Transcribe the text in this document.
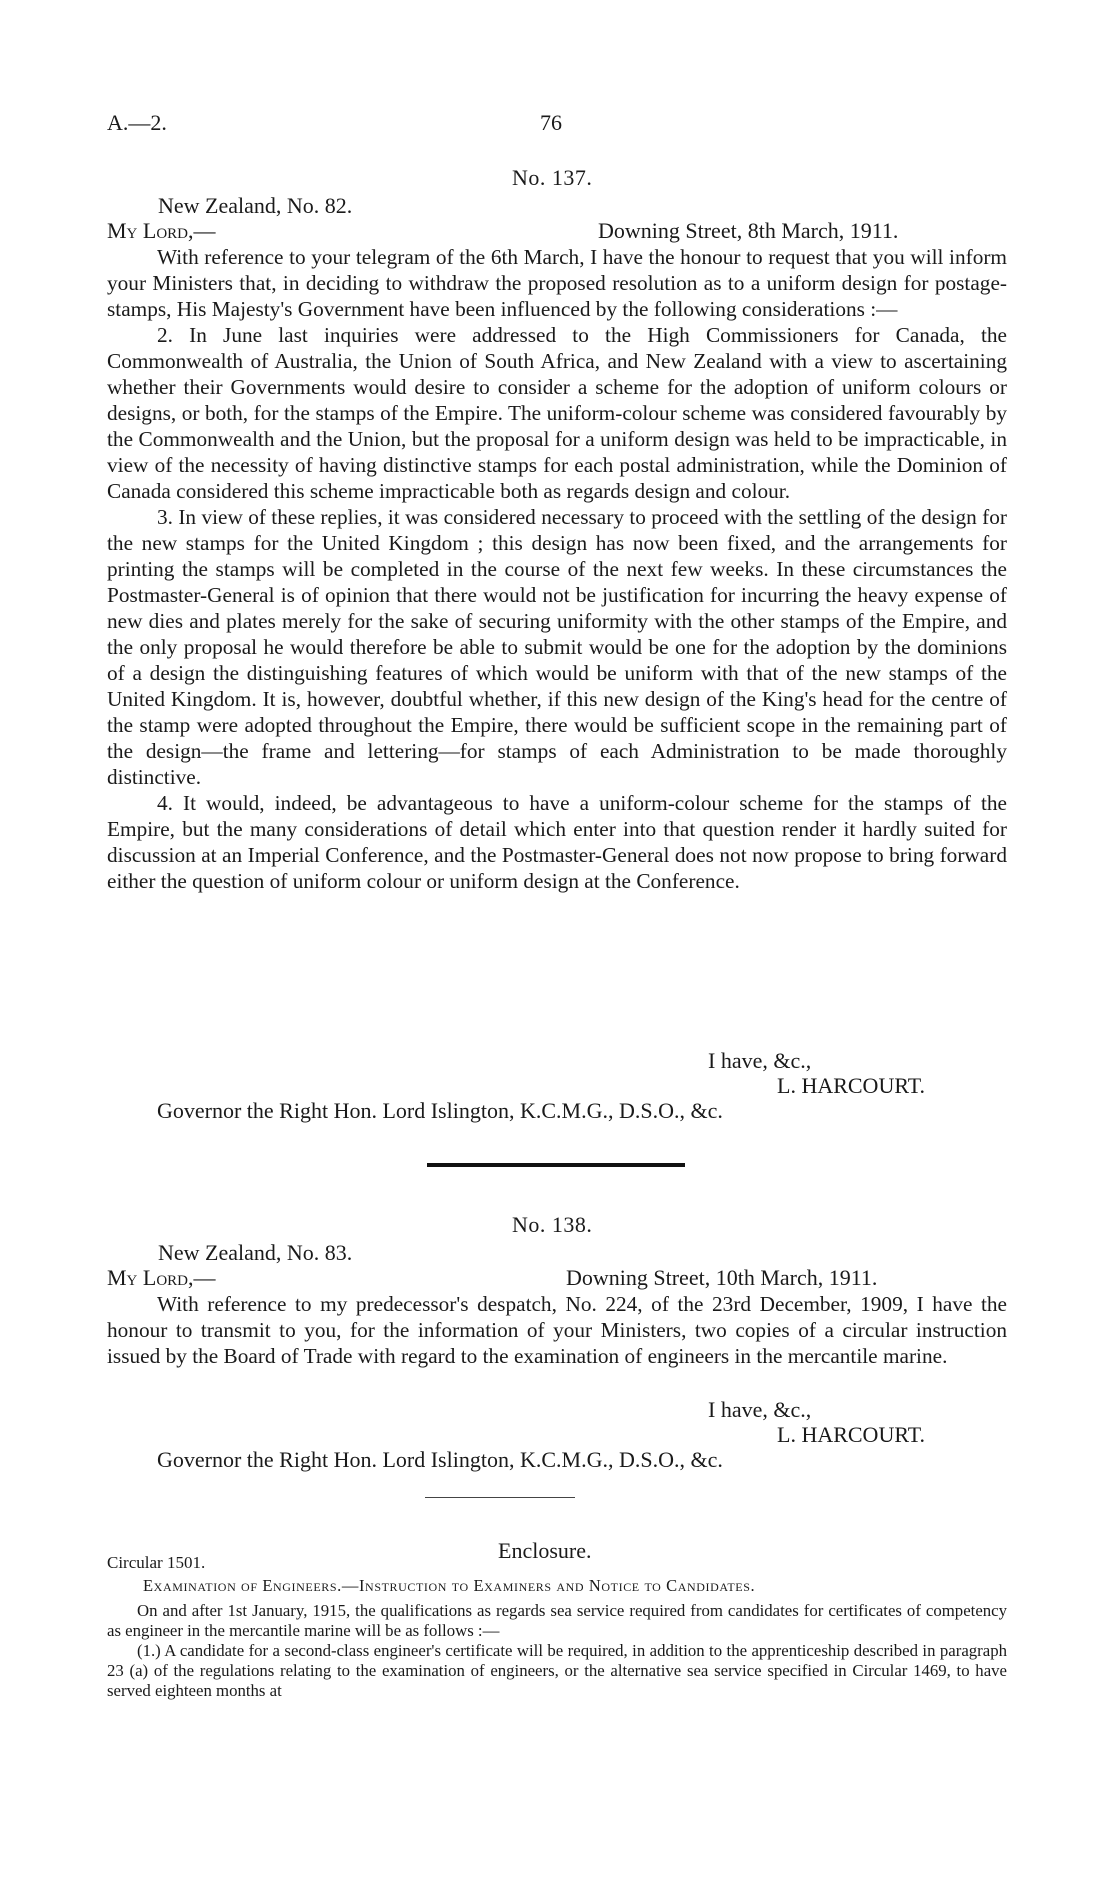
A.—2.	76
No. 137.
New Zealand, No. 82.
My Lord,—	Downing Street, 8th March, 1911.

With reference to your telegram of the 6th March, I have the honour to request that you will inform your Ministers that, in deciding to withdraw the proposed resolution as to a uniform design for postage-stamps, His Majesty's Government have been influenced by the following considerations :—

2. In June last inquiries were addressed to the High Commissioners for Canada, the Commonwealth of Australia, the Union of South Africa, and New Zealand with a view to ascertaining whether their Governments would desire to consider a scheme for the adoption of uniform colours or designs, or both, for the stamps of the Empire. The uniform-colour scheme was considered favourably by the Commonwealth and the Union, but the proposal for a uniform design was held to be impracticable, in view of the necessity of having distinctive stamps for each postal administration, while the Dominion of Canada considered this scheme impracticable both as regards design and colour.

3. In view of these replies, it was considered necessary to proceed with the settling of the design for the new stamps for the United Kingdom ; this design has now been fixed, and the arrangements for printing the stamps will be completed in the course of the next few weeks. In these circumstances the Postmaster-General is of opinion that there would not be justification for incurring the heavy expense of new dies and plates merely for the sake of securing uniformity with the other stamps of the Empire, and the only proposal he would therefore be able to submit would be one for the adoption by the dominions of a design the distinguishing features of which would be uniform with that of the new stamps of the United Kingdom. It is, however, doubtful whether, if this new design of the King's head for the centre of the stamp were adopted throughout the Empire, there would be sufficient scope in the remaining part of the design—the frame and lettering—for stamps of each Administration to be made thoroughly distinctive.

4. It would, indeed, be advantageous to have a uniform-colour scheme for the stamps of the Empire, but the many considerations of detail which enter into that question render it hardly suited for discussion at an Imperial Conference, and the Postmaster-General does not now propose to bring forward either the question of uniform colour or uniform design at the Conference.

I have, &c.,
L. HARCOURT.
Governor the Right Hon. Lord Islington, K.C.M.G., D.S.O., &c.
No. 138.
New Zealand, No. 83.
My Lord,—	Downing Street, 10th March, 1911.

With reference to my predecessor's despatch, No. 224, of the 23rd December, 1909, I have the honour to transmit to you, for the information of your Ministers, two copies of a circular instruction issued by the Board of Trade with regard to the examination of engineers in the mercantile marine.

I have, &c.,
L. HARCOURT.
Governor the Right Hon. Lord Islington, K.C.M.G., D.S.O., &c.
Circular 1501.	Enclosure.
Examination of Engineers.—Instruction to Examiners and Notice to Candidates.

On and after 1st January, 1915, the qualifications as regards sea service required from candidates for certificates of competency as engineer in the mercantile marine will be as follows :—

(1.) A candidate for a second-class engineer's certificate will be required, in addition to the apprenticeship described in paragraph 23 (a) of the regulations relating to the examination of engineers, or the alternative sea service specified in Circular 1469, to have served eighteen months at
